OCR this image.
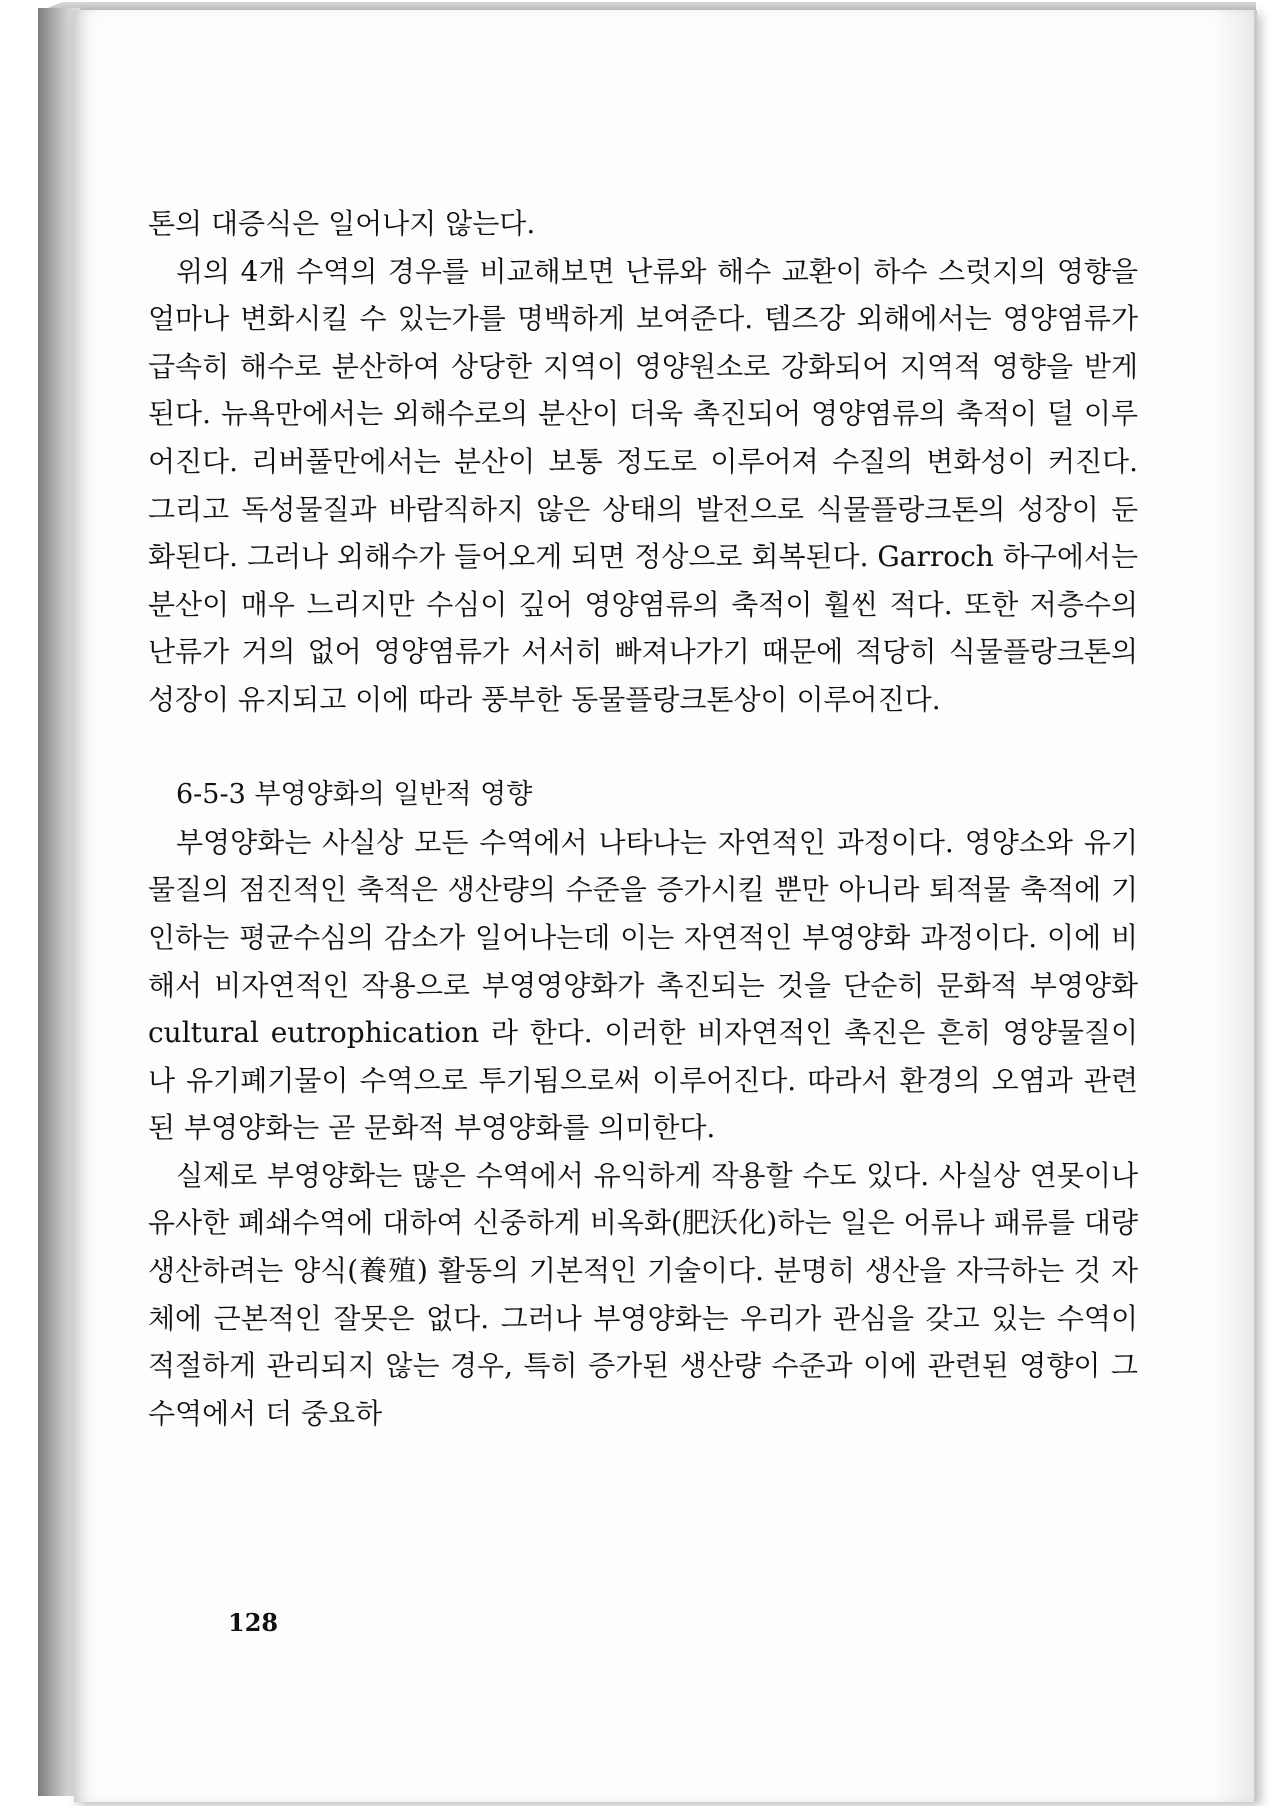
톤의 대증식은 일어나지 않는다.

위의 4개 수역의 경우를 비교해보면 난류와 해수 교환이 하수 스럿지의 영향을 얼마나 변화시킬 수 있는가를 명백하게 보여준다. 템즈강 외해에서는 영양염류가 급속히 해수로 분산하여 상당한 지역이 영양원소로 강화되어 지역적 영향을 받게 된다. 뉴욕만에서는 외해수로의 분산이 더욱 촉진되어 영양염류의 축적이 덜 이루어진다. 리버풀만에서는 분산이 보통 정도로 이루어져 수질의 변화성이 커진다. 그리고 독성물질과 바람직하지 않은 상태의 발전으로 식물플랑크톤의 성장이 둔화된다. 그러나 외해수가 들어오게 되면 정상으로 회복된다. Garroch 하구에서는 분산이 매우 느리지만 수심이 깊어 영양염류의 축적이 훨씬 적다. 또한 저층수의 난류가 거의 없어 영양염류가 서서히 빠져나가기 때문에 적당히 식물플랑크톤의 성장이 유지되고 이에 따라 풍부한 동물플랑크톤상이 이루어진다.

6-5-3 부영양화의 일반적 영향

부영양화는 사실상 모든 수역에서 나타나는 자연적인 과정이다. 영양소와 유기물질의 점진적인 축적은 생산량의 수준을 증가시킬 뿐만 아니라 퇴적물 축적에 기인하는 평균수심의 감소가 일어나는데 이는 자연적인 부영양화 과정이다. 이에 비해서 비자연적인 작용으로 부영영양화가 촉진되는 것을 단순히 문화적 부영양화 cultural eutrophication 라 한다. 이러한 비자연적인 촉진은 흔히 영양물질이나 유기폐기물이 수역으로 투기됨으로써 이루어진다. 따라서 환경의 오염과 관련된 부영양화는 곧 문화적 부영양화를 의미한다.

실제로 부영양화는 많은 수역에서 유익하게 작용할 수도 있다. 사실상 연못이나 유사한 폐쇄수역에 대하여 신중하게 비옥화(肥沃化)하는 일은 어류나 패류를 대량 생산하려는 양식(養殖) 활동의 기본적인 기술이다. 분명히 생산을 자극하는 것 자체에 근본적인 잘못은 없다. 그러나 부영양화는 우리가 관심을 갖고 있는 수역이 적절하게 관리되지 않는 경우, 특히 증가된 생산량 수준과 이에 관련된 영향이 그 수역에서 더 중요하

128
